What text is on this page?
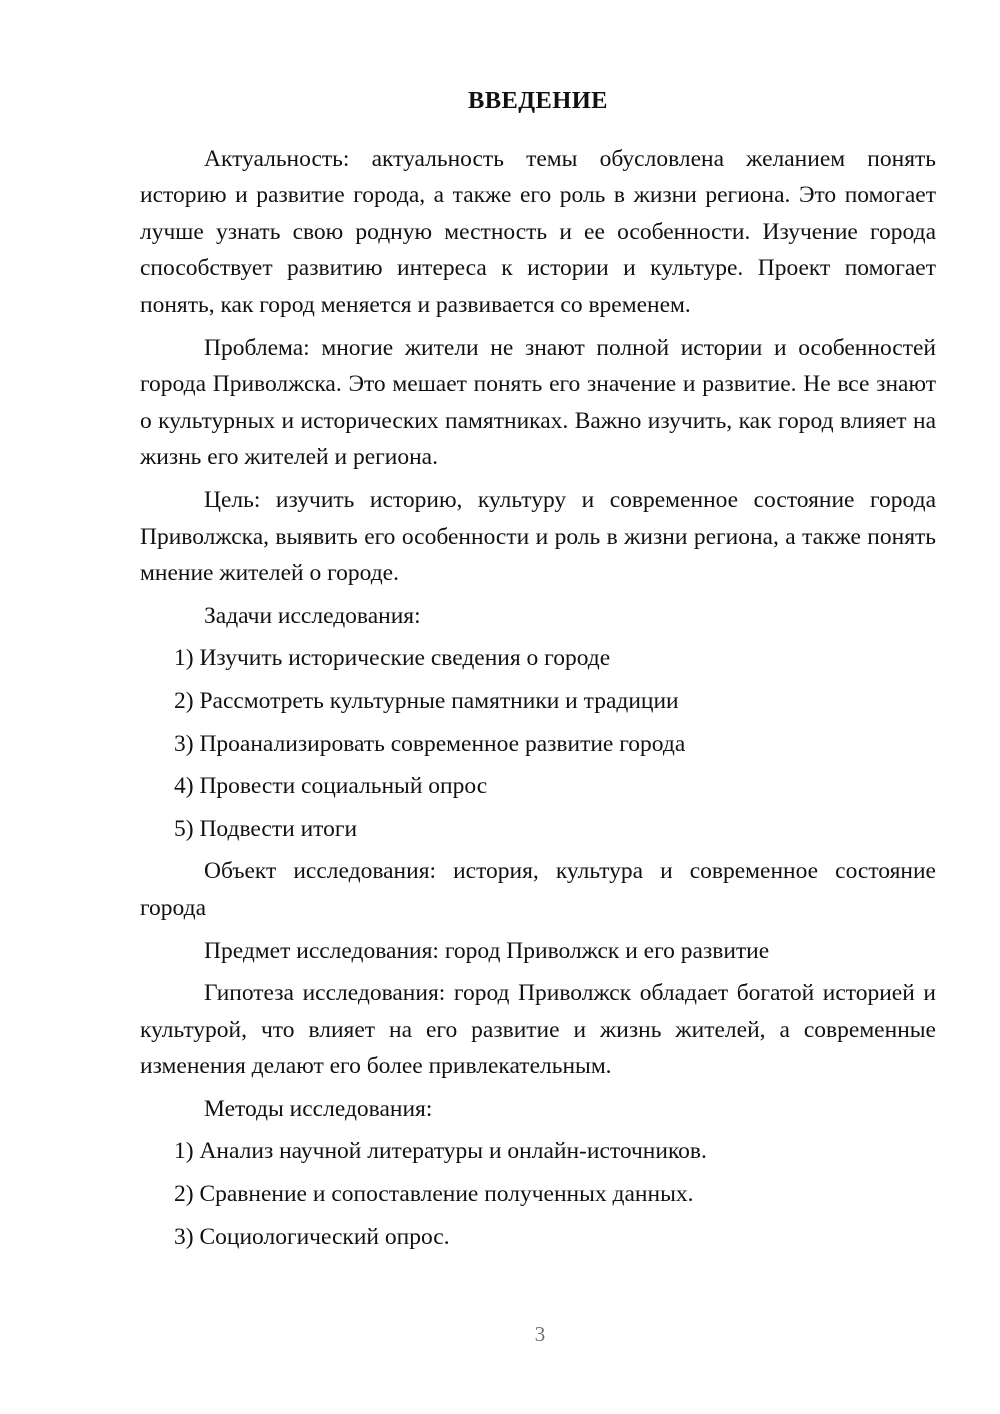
ВВЕДЕНИЕ

Актуальность: актуальность темы обусловлена желанием понять историю и развитие города, а также его роль в жизни региона. Это помогает лучше узнать свою родную местность и ее особенности. Изучение города способствует развитию интереса к истории и культуре. Проект помогает понять, как город меняется и развивается со временем.

Проблема: многие жители не знают полной истории и особенностей города Приволжска. Это мешает понять его значение и развитие. Не все знают о культурных и исторических памятниках. Важно изучить, как город влияет на жизнь его жителей и региона.

Цель: изучить историю, культуру и современное состояние города Приволжска, выявить его особенности и роль в жизни региона, а также понять мнение жителей о городе.

Задачи исследования:

1) Изучить исторические сведения о городе

2) Рассмотреть культурные памятники и традиции

3) Проанализировать современное развитие города

4) Провести социальный опрос

5) Подвести итоги

Объект исследования: история, культура и современное состояние города

Предмет исследования: город Приволжск и его развитие

Гипотеза исследования: город Приволжск обладает богатой историей и культурой, что влияет на его развитие и жизнь жителей, а современные изменения делают его более привлекательным.

Методы исследования:

1) Анализ научной литературы и онлайн-источников.

2) Сравнение и сопоставление полученных данных.

3) Социологический опрос.

3
